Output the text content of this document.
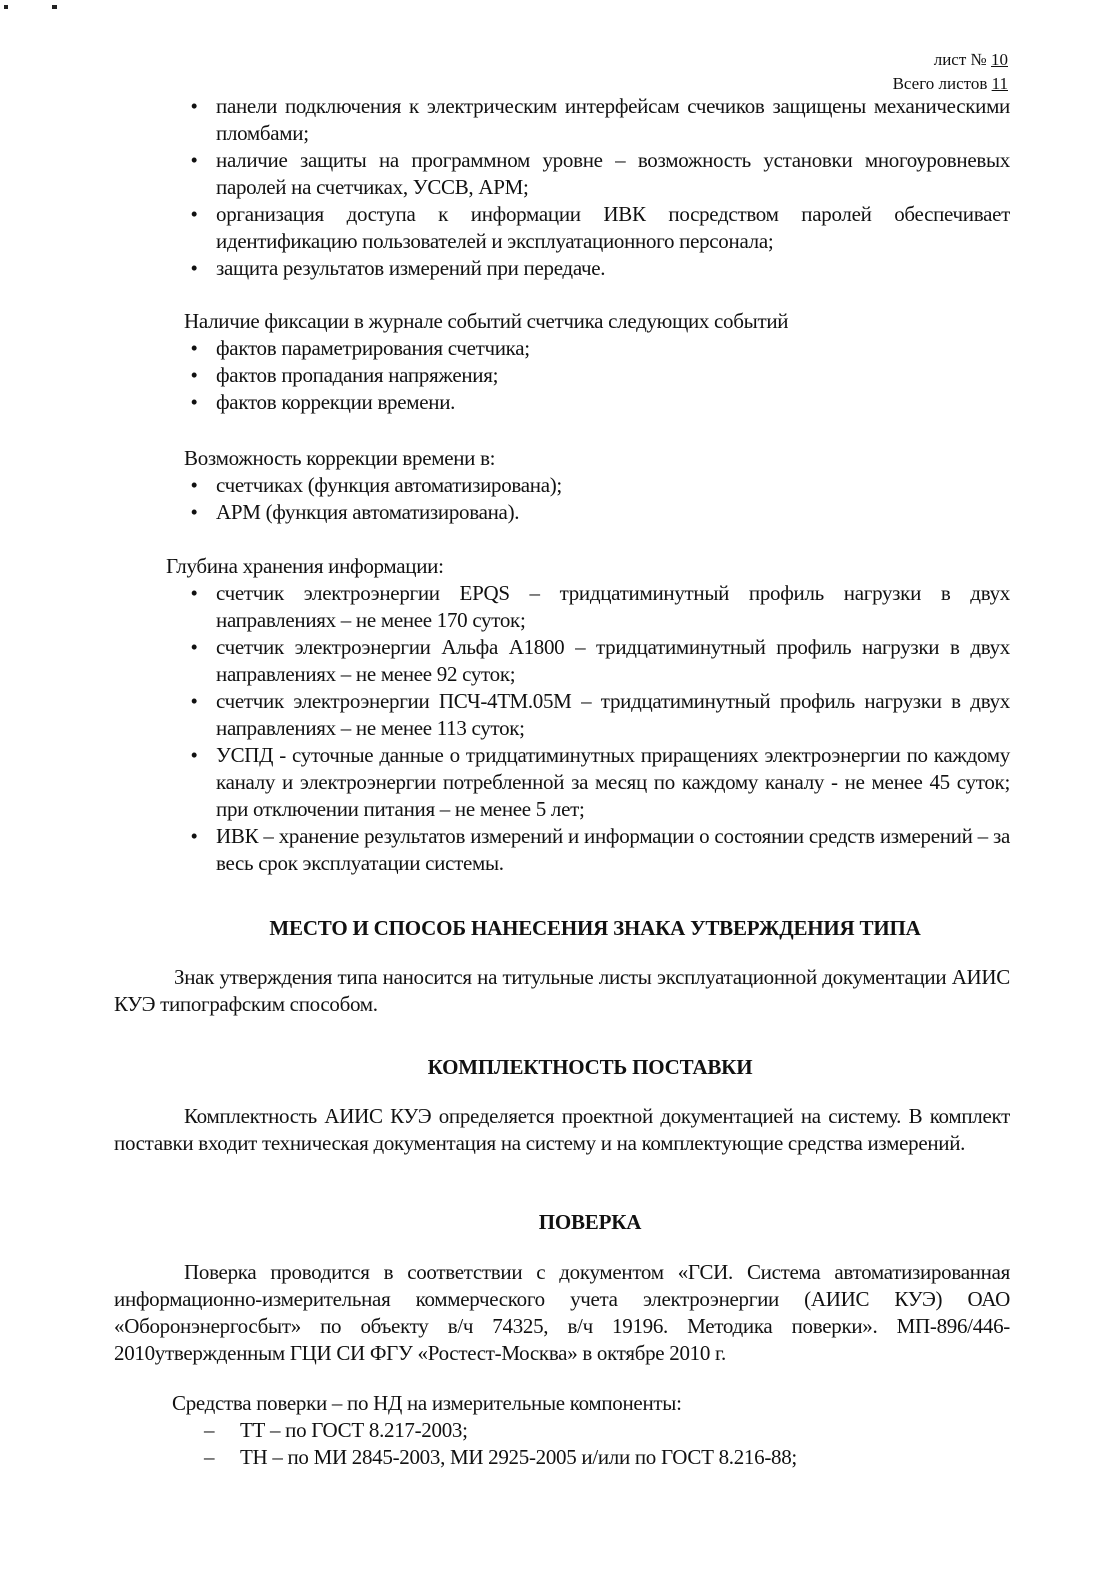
лист № 10
Всего листов 11
• панели подключения к электрическим интерфейсам счечиков защищены механическими пломбами;
• наличие защиты на программном уровне – возможность установки многоуровневых паролей на счетчиках, УССВ, АРМ;
• организация доступа к информации ИВК посредством паролей обеспечивает идентификацию пользователей и эксплуатационного персонала;
• защита результатов измерений при передаче.

Наличие фиксации в журнале событий счетчика следующих событий

• фактов параметрирования счетчика;
• фактов пропадания напряжения;
• фактов коррекции времени.

Возможность коррекции времени в:

• счетчиках (функция автоматизирована);
• АРМ (функция автоматизирована).

Глубина хранения информации:

• счетчик электроэнергии EPQS – тридцатиминутный профиль нагрузки в двух направлениях – не менее 170 суток;
• счетчик электроэнергии Альфа А1800 – тридцатиминутный профиль нагрузки в двух направлениях – не менее 92 суток;
• счетчик электроэнергии ПСЧ-4ТМ.05М – тридцатиминутный профиль нагрузки в двух направлениях – не менее 113 суток;
• УСПД - суточные данные о тридцатиминутных приращениях электроэнергии по каждому каналу и электроэнергии потребленной за месяц по каждому каналу - не менее 45 суток; при отключении питания – не менее 5 лет;
• ИВК – хранение результатов измерений и информации о состоянии средств измерений – за весь срок эксплуатации системы.
МЕСТО И СПОСОБ НАНЕСЕНИЯ ЗНАКА УТВЕРЖДЕНИЯ ТИПА

Знак утверждения типа наносится на титульные листы эксплуатационной документации АИИС КУЭ типографским способом.

КОМПЛЕКТНОСТЬ ПОСТАВКИ

Комплектность АИИС КУЭ определяется проектной документацией на систему. В комплект поставки входит техническая документация на систему и на комплектующие средства измерений.

ПОВЕРКА

Поверка проводится в соответствии с документом «ГСИ. Система автоматизированная информационно-измерительная коммерческого учета электроэнергии (АИИС КУЭ) ОАО «Оборонэнергосбыт» по объекту в/ч 74325, в/ч 19196. Методика поверки». МП-896/446-2010утвержденным ГЦИ СИ ФГУ «Ростест-Москва» в октябре 2010 г.

Средства поверки – по НД на измерительные компоненты:

– ТТ – по ГОСТ 8.217-2003;
– ТН – по МИ 2845-2003, МИ 2925-2005 и/или по ГОСТ 8.216-88;
